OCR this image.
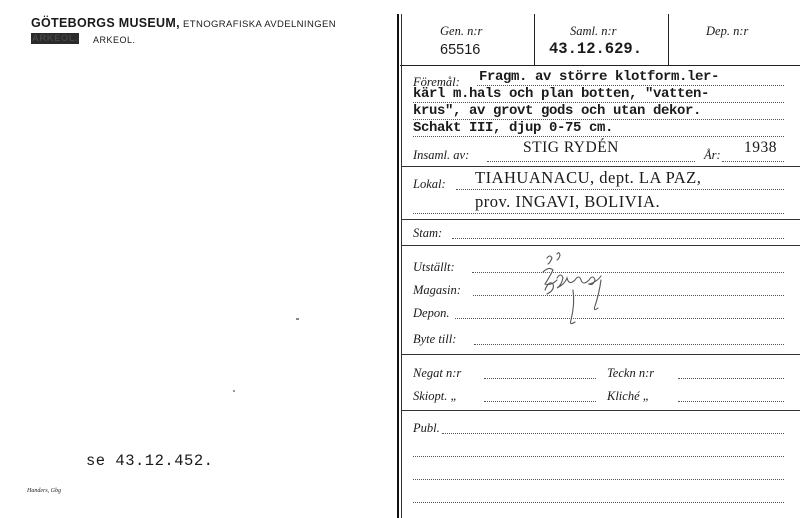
GÖTEBORGS MUSEUM, ETNOGRAFISKA AVDELNINGEN
ARKEOL. ARKEOL.
se 43.12.452.
Handers, Gbg
Gen. n:r
65516
Saml. n:r
43.12.629.
Dep. n:r
Föremål: Fragm. av större klotform.ler-
kärl m.hals och plan botten, "vatten-
krus", av grovt gods och utan dekor.
Schakt III, djup 0-75 cm.
Insaml. av:	STIG RYDÉN	År: 1938
Lokal: TIAHUANACU, dept. LA PAZ,
prov. INGAVI, BOLIVIA.
Stam:
Utställt:
Magasin:
Depon.
Byte till:
Negat n:r	Teckn n:r
Skiopt. „	Kliché „
Publ.
